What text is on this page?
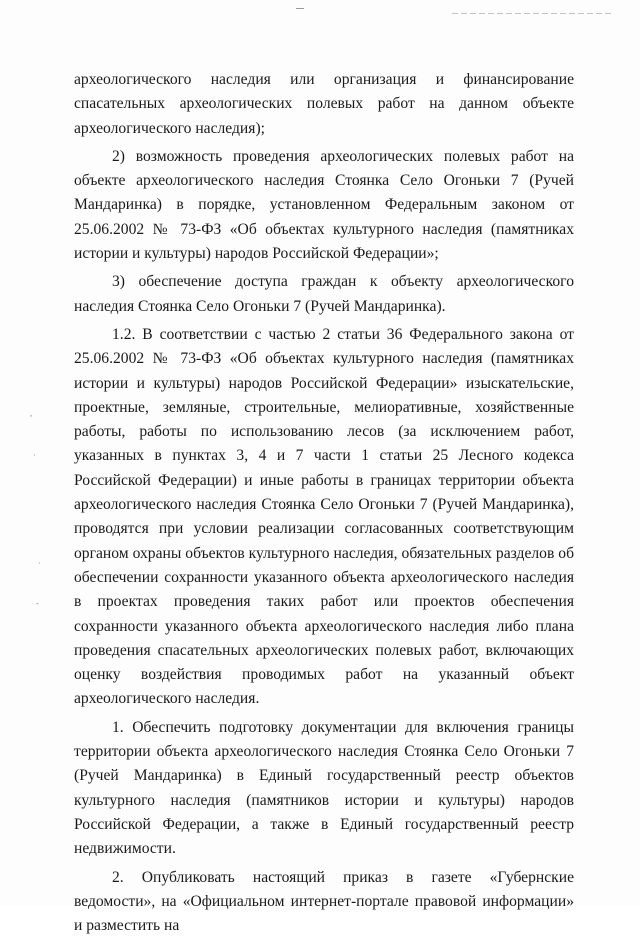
,
·
·
-

археологического наследия или организация и финансирование спасательных археологических полевых работ на данном объекте археологического наследия);

2) возможность проведения археологических полевых работ на объекте археологического наследия Стоянка Село Огоньки 7 (Ручей Мандаринка) в порядке, установленном Федеральным законом от 25.06.2002 № 73-ФЗ «Об объектах культурного наследия (памятниках истории и культуры) народов Российской Федерации»;

3) обеспечение доступа граждан к объекту археологического наследия Стоянка Село Огоньки 7 (Ручей Мандаринка).

1.2. В соответствии с частью 2 статьи 36 Федерального закона от 25.06.2002 № 73-ФЗ «Об объектах культурного наследия (памятниках истории и культуры) народов Российской Федерации» изыскательские, проектные, земляные, строительные, мелиоративные, хозяйственные работы, работы по использованию лесов (за исключением работ, указанных в пунктах 3, 4 и 7 части 1 статьи 25 Лесного кодекса Российской Федерации) и иные работы в границах территории объекта археологического наследия Стоянка Село Огоньки 7 (Ручей Мандаринка), проводятся при условии реализации согласованных соответствующим органом охраны объектов культурного наследия, обязательных разделов об обеспечении сохранности указанного объекта археологического наследия в проектах проведения таких работ или проектов обеспечения сохранности указанного объекта археологического наследия либо плана проведения спасательных археологических полевых работ, включающих оценку воздействия проводимых работ на указанный объект археологического наследия.

1. Обеспечить подготовку документации для включения границы территории объекта археологического наследия Стоянка Село Огоньки 7 (Ручей Мандаринка) в Единый государственный реестр объектов культурного наследия (памятников истории и культуры) народов Российской Федерации, а также в Единый государственный реестр недвижимости.

2. Опубликовать настоящий приказ в газете «Губернские ведомости», на «Официальном интернет-портале правовой информации» и разместить на
